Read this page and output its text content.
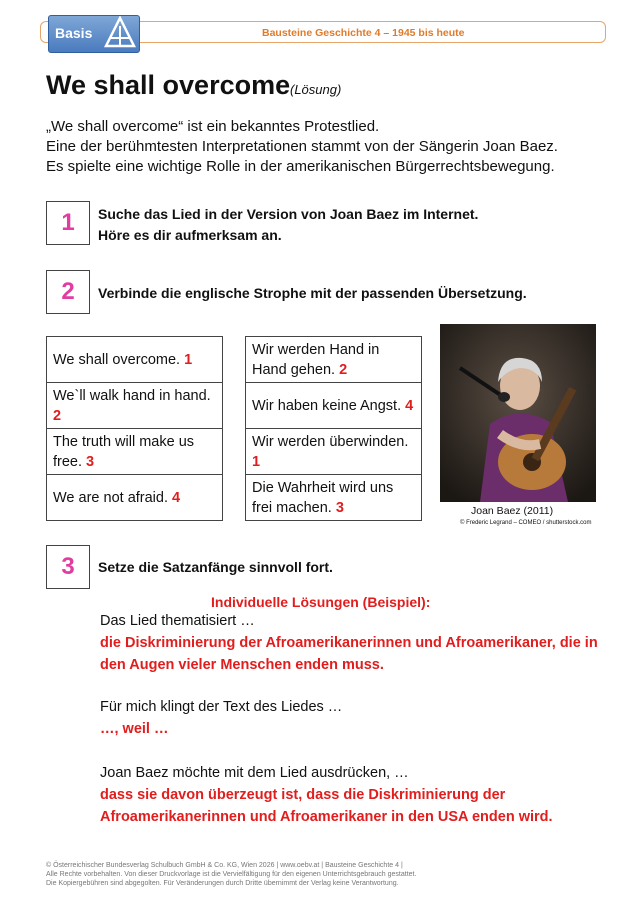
Basis	Bausteine Geschichte 4 – 1945 bis heute
We shall overcome (Lösung)
„We shall overcome“ ist ein bekanntes Protestlied.
Eine der berühmtesten Interpretationen stammt von der Sängerin Joan Baez.
Es spielte eine wichtige Rolle in der amerikanischen Bürgerrechtsbewegung.
1	Suche das Lied in der Version von Joan Baez im Internet.
Höre es dir aufmerksam an.
2	Verbinde die englische Strophe mit der passenden Übersetzung.
We shall overcome. 1
We`ll walk hand in hand.
2
The truth will make us free. 3
We are not afraid. 4
Wir werden Hand in Hand gehen. 2
Wir haben keine Angst. 4
Wir werden überwinden.
1
Die Wahrheit wird uns frei machen. 3	Joan Baez (2011)
© Frederic Legrand – COMEO / shutterstock.com
3	Setze die Satzanfänge sinnvoll fort.
Individuelle Lösungen (Beispiel):
Das Lied thematisiert …
die Diskriminierung der Afroamerikanerinnen und Afroamerikaner, die in den Augen vieler Menschen enden muss.
Für mich klingt der Text des Liedes …
…, weil …
Joan Baez möchte mit dem Lied ausdrücken, …
dass sie davon überzeugt ist, dass die Diskriminierung der Afroamerikanerinnen und Afroamerikaner in den USA enden wird.
© Österreichischer Bundesverlag Schulbuch GmbH & Co. KG, Wien 2026 | www.oebv.at | Bausteine Geschichte 4 |
Alle Rechte vorbehalten. Von dieser Druckvorlage ist die Vervielfältigung für den eigenen Unterrichtsgebrauch gestattet.
Die Kopiergebühren sind abgegolten. Für Veränderungen durch Dritte übernimmt der Verlag keine Verantwortung.
